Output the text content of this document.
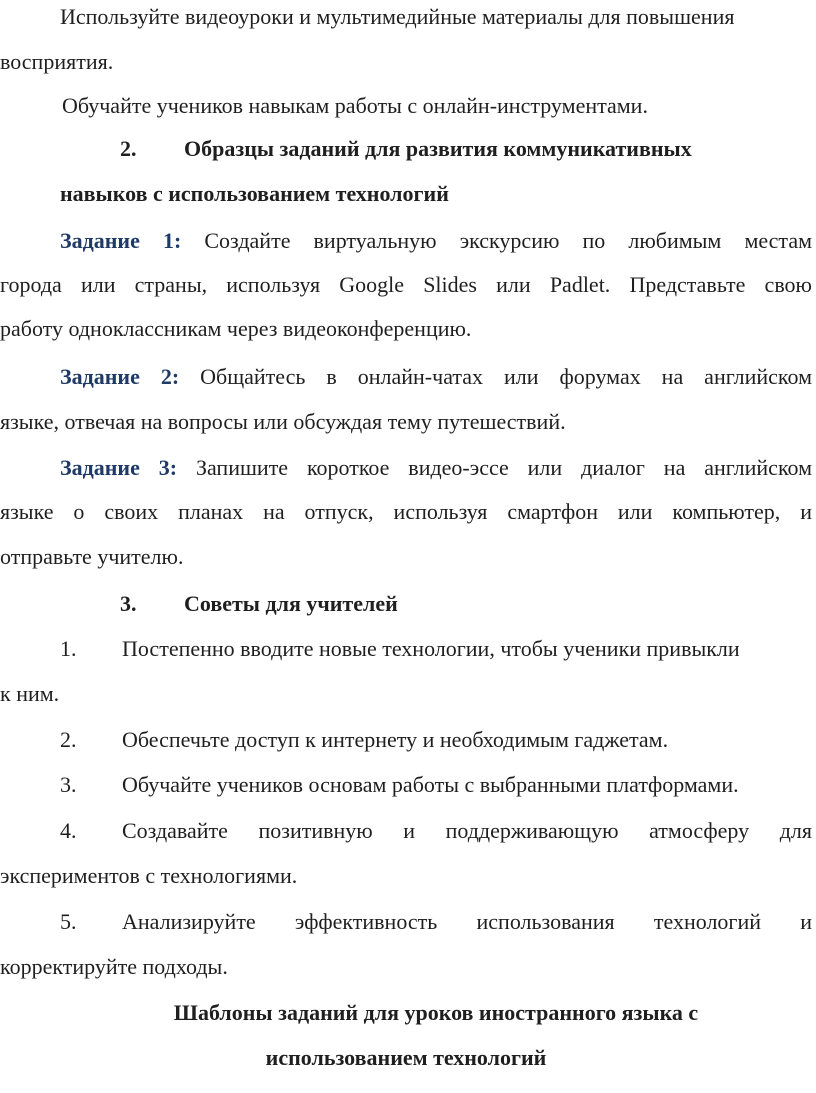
Используйте видеоуроки и мультимедийные материалы для повышения
восприятия.
Обучайте учеников навыкам работы с онлайн-инструментами.
2. Образцы заданий для развития коммуникативных
навыков с использованием технологий
Задание 1: Создайте виртуальную экскурсию по любимым местам
города или страны, используя Google Slides или Padlet. Представьте свою
работу одноклассникам через видеоконференцию.
Задание 2: Общайтесь в онлайн-чатах или форумах на английском
языке, отвечая на вопросы или обсуждая тему путешествий.
Задание 3: Запишите короткое видео-эссе или диалог на английском
языке о своих планах на отпуск, используя смартфон или компьютер, и
отправьте учителю.
3. Советы для учителей
1. Постепенно вводите новые технологии, чтобы ученики привыкли
к ним.
2. Обеспечьте доступ к интернету и необходимым гаджетам.
3. Обучайте учеников основам работы с выбранными платформами.
4. Создавайте позитивную и поддерживающую атмосферу для
экспериментов с технологиями.
5. Анализируйте эффективность использования технологий и
корректируйте подходы.
Шаблоны заданий для уроков иностранного языка с
использованием технологий
